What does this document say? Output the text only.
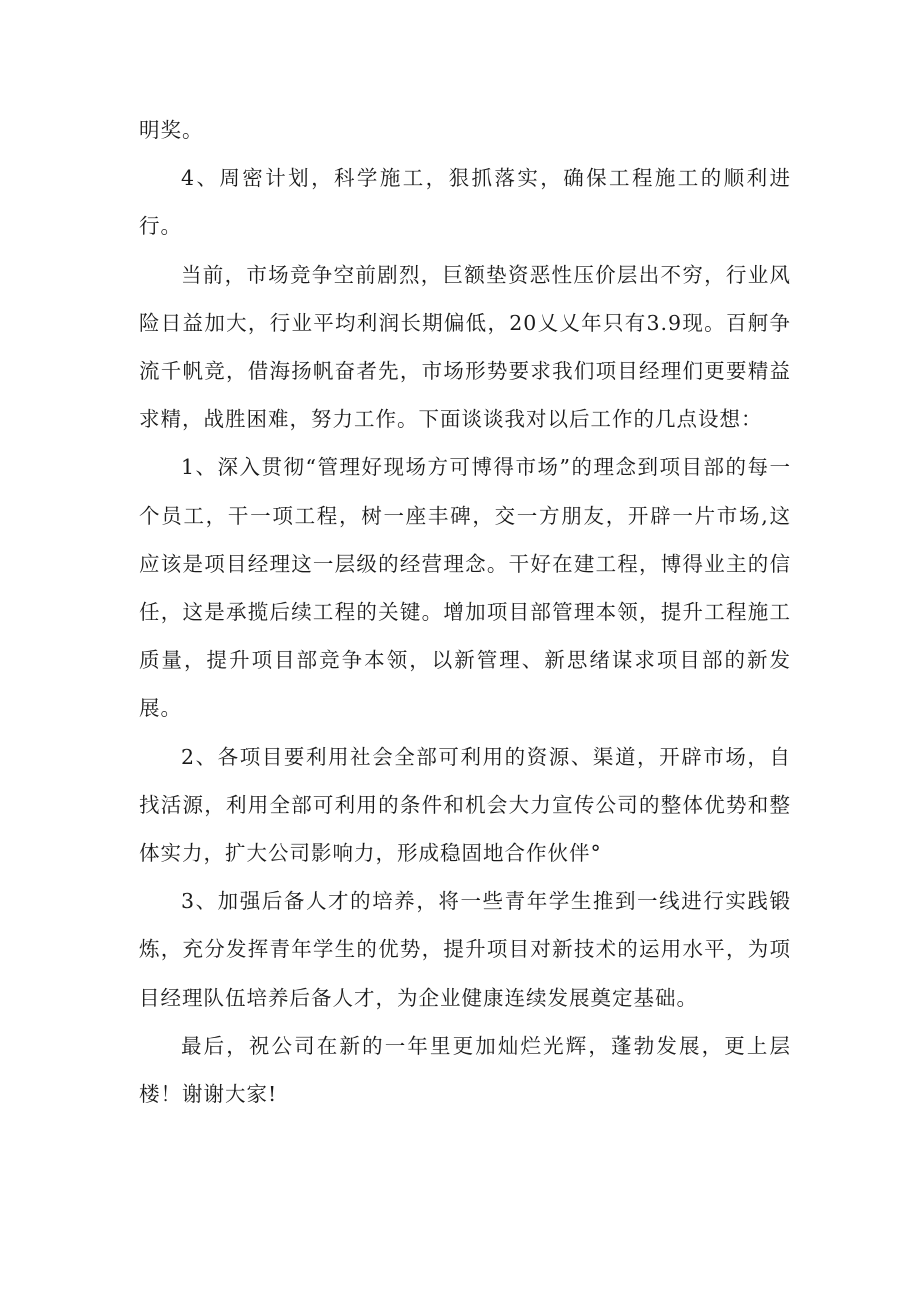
明奖。

4、周密计划，科学施工，狠抓落实，确保工程施工的顺利进行。

当前，市场竞争空前剧烈，巨额垫资恶性压价层出不穷，行业风险日益加大，行业平均利润长期偏低，20乂乂年只有3.9现。百舸争流千帆竞，借海扬帆奋者先，市场形势要求我们项目经理们更要精益求精，战胜困难，努力工作。下面谈谈我对以后工作的几点设想：

1、深入贯彻“管理好现场方可博得市场”的理念到项目部的每一个员工，干一项工程，树一座丰碑，交一方朋友，开辟一片市场,这应该是项目经理这一层级的经营理念。干好在建工程，博得业主的信任，这是承揽后续工程的关键。增加项目部管理本领，提升工程施工质量，提升项目部竞争本领，以新管理、新思绪谋求项目部的新发展。

2、各项目要利用社会全部可利用的资源、渠道，开辟市场，自找活源，利用全部可利用的条件和机会大力宣传公司的整体优势和整体实力，扩大公司影响力，形成稳固地合作伙伴°

3、加强后备人才的培养，将一些青年学生推到一线进行实践锻炼，充分发挥青年学生的优势，提升项目对新技术的运用水平，为项目经理队伍培养后备人才，为企业健康连续发展奠定基础。

最后，祝公司在新的一年里更加灿烂光辉，蓬勃发展，更上层楼！谢谢大家!
